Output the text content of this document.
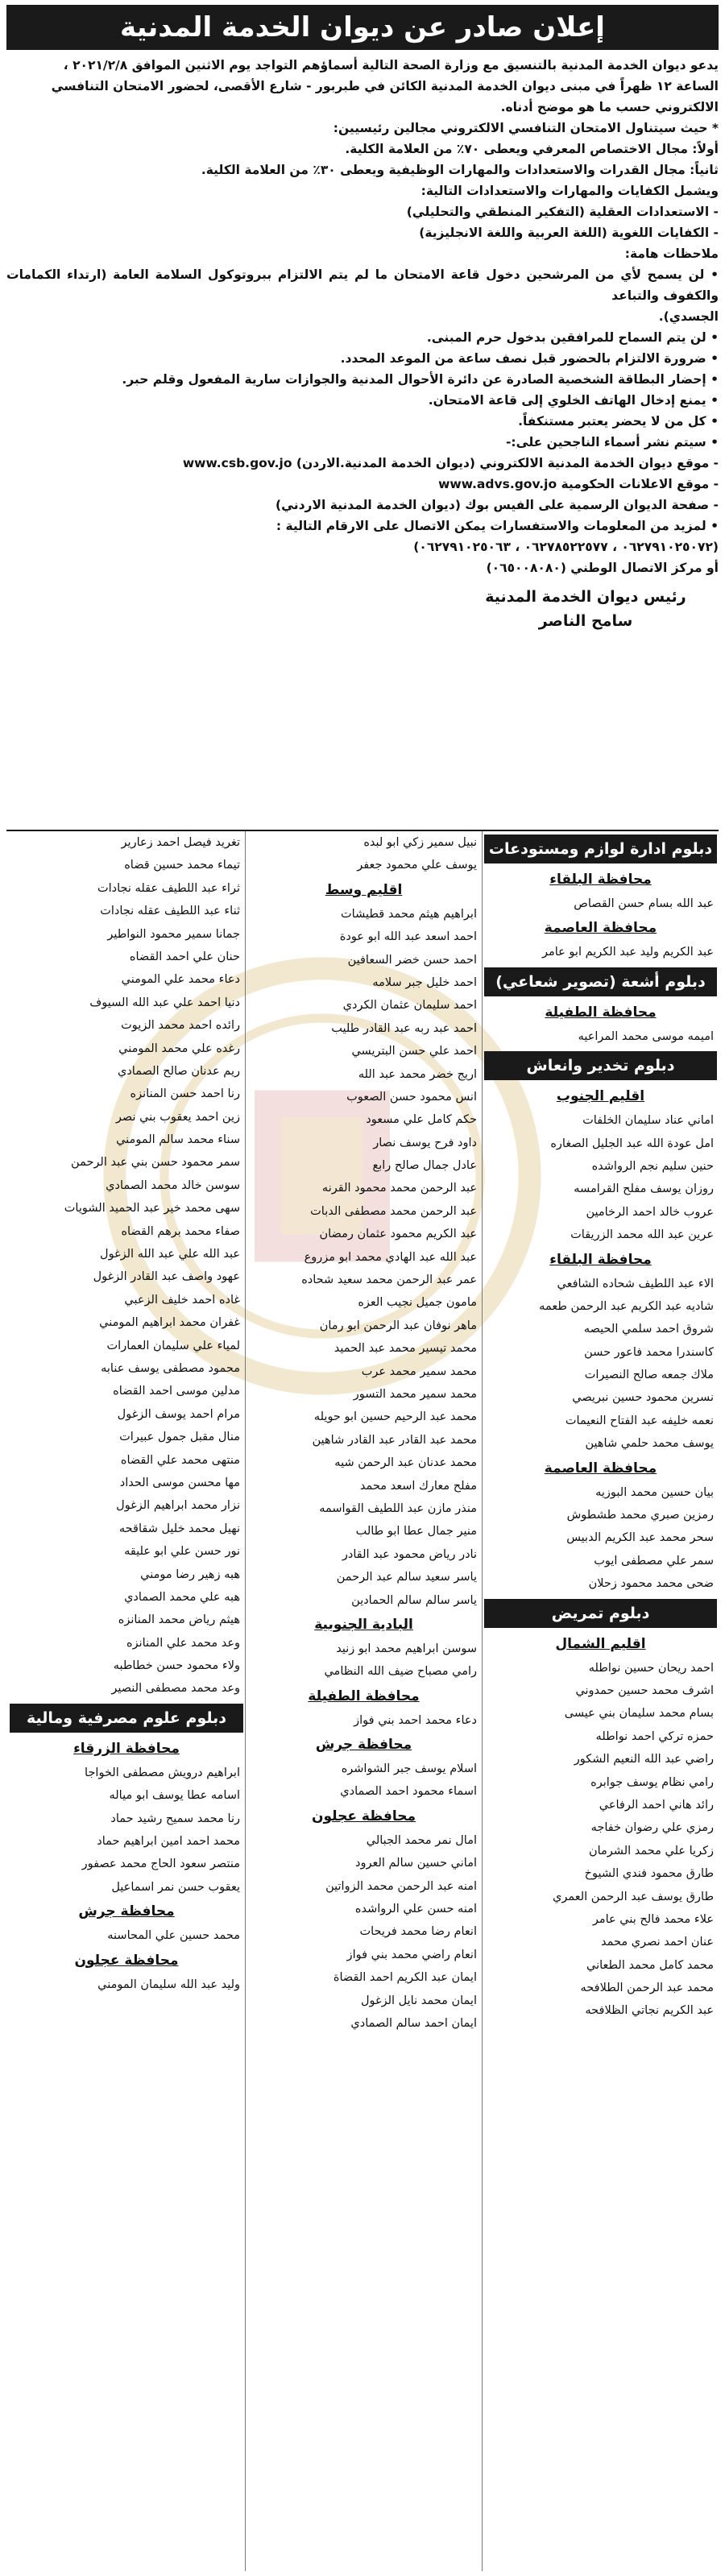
إعلان صادر عن ديوان الخدمة المدنية

يدعو ديوان الخدمة المدنية بالتنسيق مع وزارة الصحة التالية أسماؤهم التواجد يوم الاثنين الموافق ٢٠٢١/٢/٨ ،

الساعة ١٢ ظهراً في مبنى ديوان الخدمة المدنية الكائن في طبربور - شارع الأقصى، لحضور الامتحان التنافسي

الالكتروني حسب ما هو موضح أدناه.

* حيث سيتناول الامتحان التنافسي الالكتروني مجالين رئيسيين:

أولاً: مجال الاختصاص المعرفي ويعطى ٧٠٪ من العلامة الكلية.

ثانياً: مجال القدرات والاستعدادات والمهارات الوظيفية ويعطى ٣٠٪ من العلامة الكلية.

ويشمل الكفايات والمهارات والاستعدادات التالية:

- الاستعدادات العقلية (التفكير المنطقي والتحليلي)

- الكفايات اللغوية (اللغة العربية واللغة الانجليزية)

ملاحظات هامة:

• لن يسمح لأي من المرشحين دخول قاعة الامتحان ما لم يتم الالتزام ببروتوكول السلامة العامة (ارتداء الكمامات والكفوف والتباعد

الجسدي).

• لن يتم السماح للمرافقين بدخول حرم المبنى.

• ضرورة الالتزام بالحضور قبل نصف ساعة من الموعد المحدد.

• إحضار البطاقة الشخصية الصادرة عن دائرة الأحوال المدنية والجوازات سارية المفعول وقلم حبر.

• يمنع إدخال الهاتف الخلوي إلى قاعة الامتحان.

• كل من لا يحضر يعتبر مستنكفاً.

• سيتم نشر أسماء الناجحين على:-

- موقع ديوان الخدمة المدنية الالكتروني (ديوان الخدمة المدنية.الاردن) www.csb.gov.jo

- موقع الاعلانات الحكومية www.advs.gov.jo

- صفحة الديوان الرسمية على الفيس بوك (ديوان الخدمة المدنية الاردني)

• لمزيد من المعلومات والاستفسارات يمكن الاتصال على الارقام التالية :

(٠٦٢٧٩١٠٢٥٠٧٢ ، ٠٦٢٧٨٥٢٢٥٧٧ ، ٠٦٢٧٩١٠٢٥٠٦٣)

أو مركز الاتصال الوطني (٠٦٥٠٠٨٠٨٠)

رئيس ديوان الخدمة المدنية
سامح الناصر
دبلوم ادارة لوازم ومستودعات
محافظة البلقاء
عبد الله بسام حسن القصاص
محافظة العاصمة
عبد الكريم وليد عبد الكريم ابو عامر
دبلوم أشعة (تصوير شعاعي)
محافظة الطفيلة
اميمه موسى محمد المراعيه
دبلوم تخدير وانعاش
اقليم الجنوب
اماني عناد سليمان الخلفات
امل عودة الله عبد الجليل الصغاره
حنين سليم نجم الرواشده
روزان يوسف مفلح القرامسه
عروب خالد احمد الرخامين
عرين عبد الله محمد الزريقات
محافظة البلقاء
الاء عبد اللطيف شحاده الشافعي
شاديه عبد الكريم عبد الرحمن طعمه
شروق احمد سلمي الحيصه
كاسندرا محمد فاعور حسن
ملاك جمعه صالح النصيرات
نسرين محمود حسين نبريصي
نعمه خليفه عبد الفتاح النعيمات
يوسف محمد حلمي شاهين
محافظة العاصمة
بيان حسين محمد البوزيه
رمزين صبري محمد طشطوش
سحر محمد عبد الكريم الدبيس
سمر علي مصطفى ايوب
ضحى محمد محمود زحلان
دبلوم تمريض
اقليم الشمال
احمد ريحان حسين نواطله
اشرف محمد حسين حمدوني
بسام محمد سليمان بني عيسى
حمزه تركي احمد نواطله
راضي عبد الله النعيم الشكور
رامي نظام يوسف جوابره
رائد هاني احمد الرفاعي
رمزي علي رضوان خفاجه
زكريا علي محمد الشرمان
طارق محمود فندي الشيوخ
طارق يوسف عبد الرحمن العمري
علاء محمد فالح بني عامر
عنان احمد نصري محمد
محمد كامل محمد الطعاني
محمد عبد الرحمن الطلافحه
عبد الكريم نجاتي الظلافحه
نبيل سمير زكي ابو لبده
يوسف علي محمود جعفر
اقليم وسط
ابراهيم هيثم محمد قطيشات
احمد اسعد عبد الله ابو عودة
احمد حسن خضر السعافين
احمد خليل جبر سلامه
احمد سليمان عثمان الكردي
احمد عبد ربه عبد القادر طليب
احمد علي حسن البتريسي
اريج خضر محمد عبد الله
انس محمود حسن الصعوب
حكم كامل علي مسعود
داود فرح يوسف نصار
عادل جمال صالح رابع
عبد الرحمن محمد محمود القرنه
عبد الرحمن محمد مصطفى الدبات
عبد الكريم محمود عثمان رمضان
عبد الله عبد الهادي محمد ابو مزروع
عمر عبد الرحمن محمد سعيد شحاده
مامون جميل نجيب العزه
ماهر نوفان عبد الرحمن ابو رمان
محمد تيسير محمد عبد الحميد
محمد سمير محمد عرب
محمد سمير محمد التسور
محمد عبد الرحيم حسين ابو حويله
محمد عبد القادر عبد القادر شاهين
محمد عدنان عبد الرحمن شيه
مفلح معارك اسعد محمد
منذر مازن عبد اللطيف القواسمه
منير جمال عطا ابو طالب
نادر رياض محمود عبد القادر
ياسر سعيد سالم عبد الرحمن
ياسر سالم سالم الحمادين
البادية الجنوبية
سوسن ابراهيم محمد ابو زنيد
رامي مصباح ضيف الله النظامي
محافظة الطفيلة
دعاء محمد احمد بني فواز
محافظة جرش
اسلام يوسف جبر الشواشره
اسماء محمود احمد الصمادي
محافظة عجلون
امال نمر محمد الجبالي
اماني حسين سالم العرود
امنه عبد الرحمن محمد الزواتين
امنه حسن علي الرواشده
انعام رضا محمد فريحات
انعام راضي محمد بني فواز
ايمان عبد الكريم احمد القضاة
ايمان محمد نايل الزغول
ايمان احمد سالم الصمادي
تغريد فيصل احمد زعارير
تيماء محمد حسين قضاه
ثراء عبد اللطيف عقله نجادات
ثناء عبد اللطيف عقله نجادات
جمانا سمير محمود النواطير
حنان علي احمد القضاه
دعاء محمد علي المومني
دنيا احمد علي عبد الله السيوف
رائده احمد محمد الزيوت
رغده علي محمد المومني
ريم عدنان صالح الصمادي
رنا احمد حسن المنانزه
زين احمد يعقوب بني نصر
سناء محمد سالم المومني
سمر محمود حسن بني عبد الرحمن
سوسن خالد محمد الصمادي
سهى محمد خير عبد الحميد الشويات
صفاء محمد برهم القضاه
عبد الله علي عبد الله الزغول
عهود واصف عبد القادر الزغول
غاده احمد خليف الزعبي
غفران محمد ابراهيم المومني
لمياء علي سليمان العمارات
محمود مصطفى يوسف عنابه
مدلين موسى احمد القضاه
مرام احمد يوسف الزغول
منال مقبل جمول عبيرات
منتهى محمد علي القضاه
مها محسن موسى الحداد
نزار محمد ابراهيم الزغول
نهيل محمد خليل شقاقحه
نور حسن علي ابو عليقه
هبه زهير رضا مومني
هبه علي محمد الصمادي
هيثم رياض محمد المنانزه
وعد محمد علي المنانزه
ولاء محمود حسن خطاطبه
وعد محمد مصطفى النصير
دبلوم علوم مصرفية ومالية
محافظة الزرقاء
ابراهيم درويش مصطفى الخواجا
اسامه عطا يوسف ابو مياله
رنا محمد سميح رشيد حماد
محمد احمد امين ابراهيم حماد
منتصر سعود الحاج محمد عصفور
يعقوب حسن نمر اسماعيل
محافظة جرش
محمد حسين علي المحاسنه
محافظة عجلون
وليد عبد الله سليمان المومني
